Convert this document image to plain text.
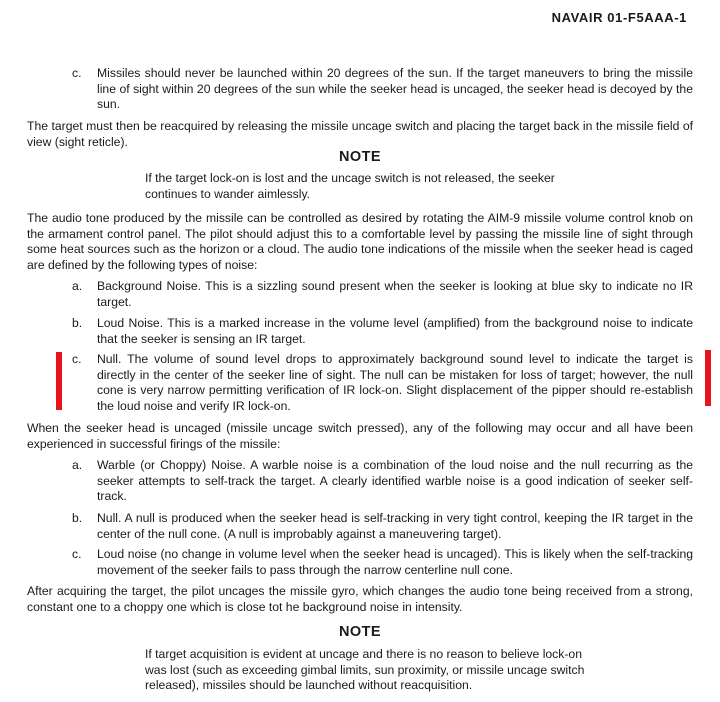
NAVAIR 01-F5AAA-1
c.	Missiles should never be launched within 20 degrees of the sun. If the target maneuvers to bring the missile line of sight within 20 degrees of the sun while the seeker head is uncaged, the seeker head is decoyed by the sun.
The target must then be reacquired by releasing the missile uncage switch and placing the target back in the missile field of view (sight reticle).
NOTE
If the target lock-on is lost and the uncage switch is not released, the seeker continues to wander aimlessly.
The audio tone produced by the missile can be controlled as desired by rotating the AIM-9 missile volume control knob on the armament control panel. The pilot should adjust this to a comfortable level by passing the missile line of sight through some heat sources such as the horizon or a cloud. The audio tone indications of the missile when the seeker head is caged are defined by the following types of noise:
a.	Background Noise. This is a sizzling sound present when the seeker is looking at blue sky to indicate no IR target.
b.	Loud Noise. This is a marked increase in the volume level (amplified) from the background noise to indicate that the seeker is sensing an IR target.
c.	Null. The volume of sound level drops to approximately background sound level to indicate the target is directly in the center of the seeker line of sight. The null can be mistaken for loss of target; however, the null cone is very narrow permitting verification of IR lock-on. Slight displacement of the pipper should re-establish the loud noise and verify IR lock-on.
When the seeker head is uncaged (missile uncage switch pressed), any of the following may occur and all have been experienced in successful firings of the missile:
a.	Warble (or Choppy) Noise. A warble noise is a combination of the loud noise and the null recurring as the seeker attempts to self-track the target. A clearly identified warble noise is a good indication of seeker self-track.
b.	Null. A null is produced when the seeker head is self-tracking in very tight control, keeping the IR target in the center of the null cone. (A null is improbably against a maneuvering target).
c.	Loud noise (no change in volume level when the seeker head is uncaged). This is likely when the self-tracking movement of the seeker fails to pass through the narrow centerline null cone.
After acquiring the target, the pilot uncages the missile gyro, which changes the audio tone being received from a strong, constant one to a choppy one which is close tot he background noise in intensity.
NOTE
If target acquisition is evident at uncage and there is no reason to believe lock-on was lost (such as exceeding gimbal limits, sun proximity, or missile uncage switch released), missiles should be launched without reacquisition.
